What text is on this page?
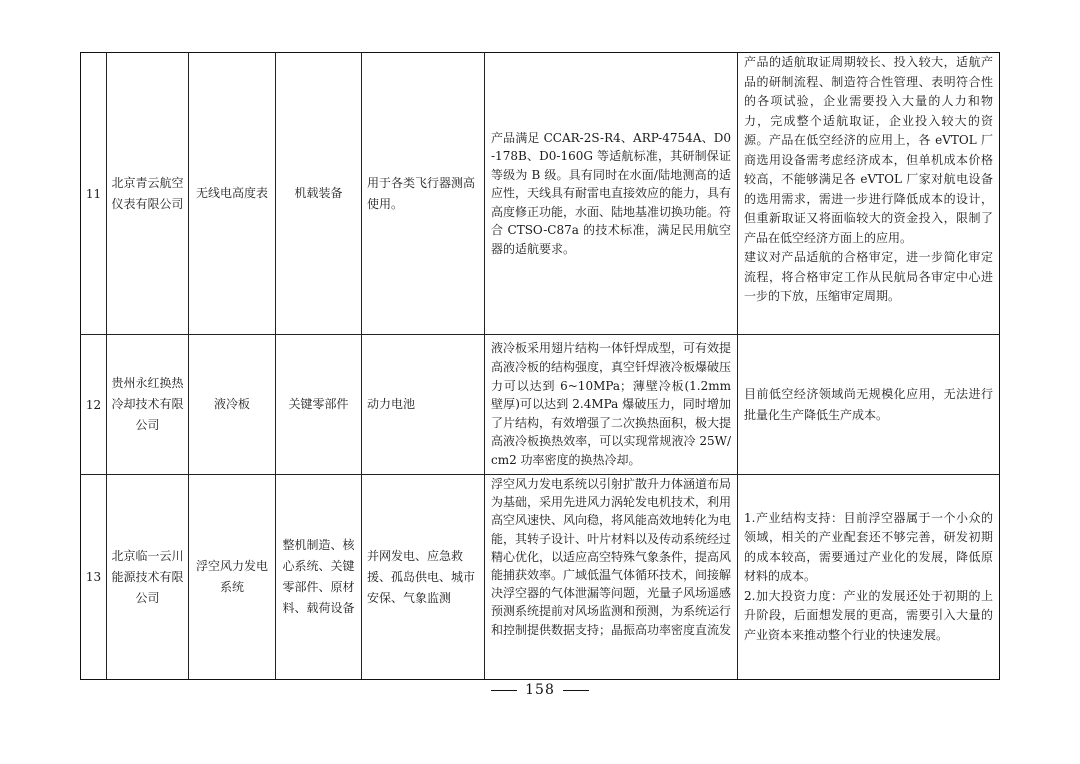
11	北京青云航空仪表有限公司	无线电高度表	机载装备	用于各类飞行器测高使用。	产品满足 CCAR-2S-R4、ARP-4754A、D0-178B、D0-160G 等适航标准，其研制保证等级为 B 级。具有同时在水面/陆地测高的适应性，天线具有耐雷电直接效应的能力，具有高度修正功能，水面、陆地基准切换功能。符合 CTSO-C87a 的技术标准，满足民用航空器的适航要求。	产品的适航取证周期较长、投入较大，适航产品的研制流程、制造符合性管理、表明符合性的各项试验，企业需要投入大量的人力和物力，完成整个适航取证，企业投入较大的资源。产品在低空经济的应用上，各 eVTOL 厂商选用设备需考虑经济成本，但单机成本价格较高，不能够满足各 eVTOL 厂家对航电设备的选用需求，需进一步进行降低成本的设计，但重新取证又将面临较大的资金投入，限制了产品在低空经济方面上的应用。
建议对产品适航的合格审定，进一步简化审定流程，将合格审定工作从民航局各审定中心进一步的下放，压缩审定周期。
12	贵州永红换热冷却技术有限公司	液冷板	关键零部件	动力电池	液冷板采用翅片结构一体钎焊成型，可有效提高液冷板的结构强度，真空钎焊液冷板爆破压力可以达到 6~10MPa；薄壁冷板(1.2mm 壁厚)可以达到 2.4MPa 爆破压力，同时增加了片结构，有效增强了二次换热面积，极大提高液冷板换热效率，可以实现常规液冷 25W/cm2 功率密度的换热冷却。	目前低空经济领域尚无规模化应用，无法进行批量化生产降低生产成本。
13	北京临一云川能源技术有限公司	浮空风力发电系统	整机制造、核心系统、关键零部件、原材料、载荷设备	并网发电、应急救援、孤岛供电、城市安保、气象监测	浮空风力发电系统以引射扩散升力体涵道布局为基础，采用先进风力涡轮发电机技术，利用高空风速快、风向稳，将风能高效地转化为电能，其转子设计、叶片材料以及传动系统经过精心优化，以适应高空特殊气象条件，提高风能捕获效率。广域低温气体循环技术，间接解决浮空器的气体泄漏等问题，光量子风场遥感预测系统提前对风场监测和预测，为系统运行和控制提供数据支持；晶振高功率密度直流发	1.产业结构支持：目前浮空器属于一个小众的领域，相关的产业配套还不够完善，研发初期的成本较高，需要通过产业化的发展，降低原材料的成本。
2.加大投资力度：产业的发展还处于初期的上升阶段，后面想发展的更高，需要引入大量的产业资本来推动整个行业的快速发展。
158
